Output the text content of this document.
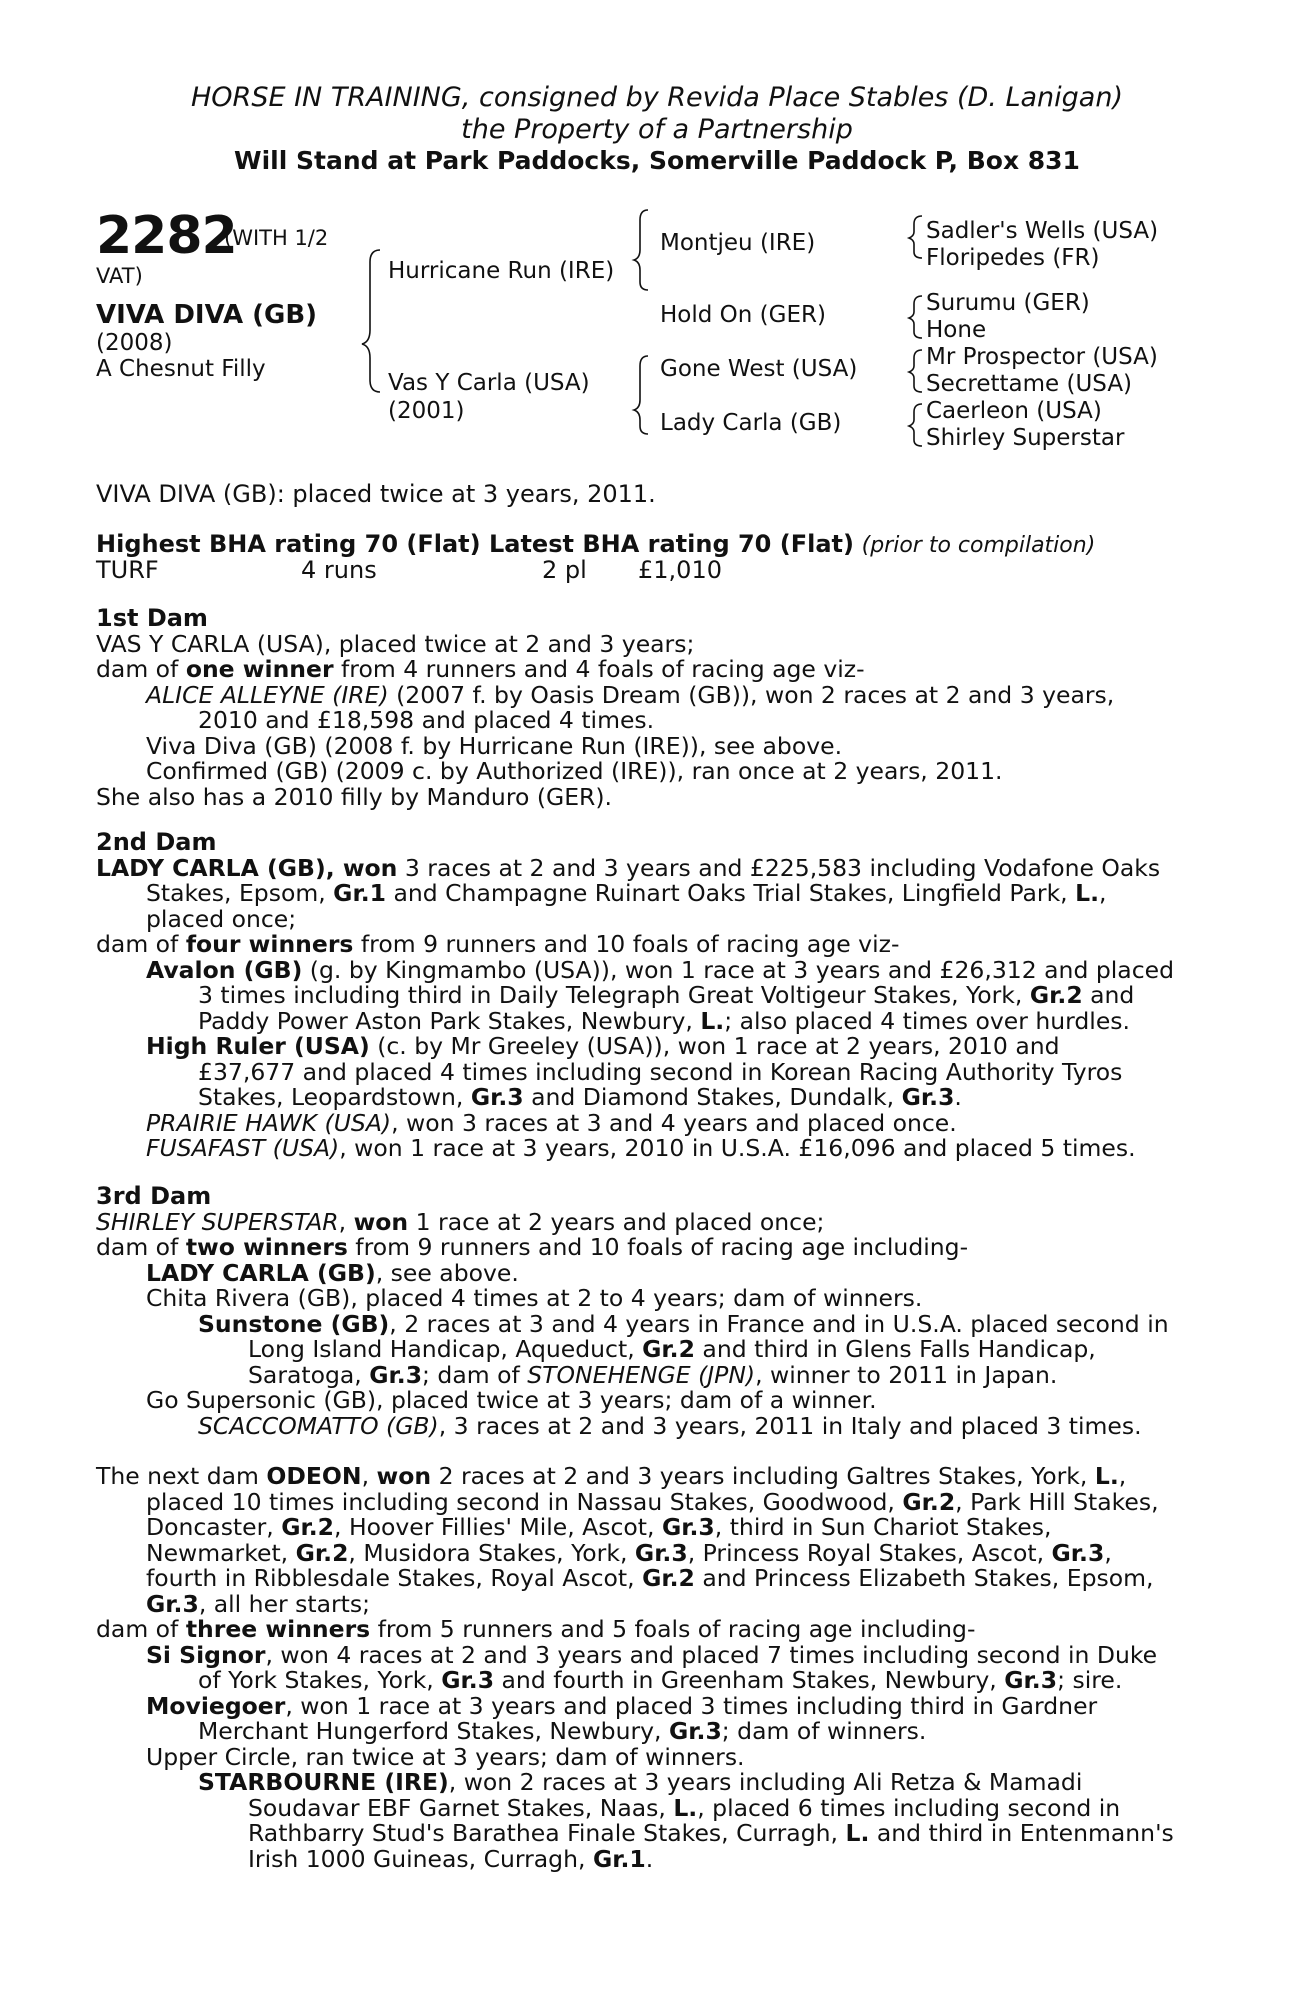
HORSE IN TRAINING, consigned by Revida Place Stables (D. Lanigan)
the Property of a Partnership
Will Stand at Park Paddocks, Somerville Paddock P, Box 831
2282
(WITH 1/2
VAT)
VIVA DIVA (GB)
(2008)
A Chesnut Filly
Hurricane Run (IRE)
Vas Y Carla (USA)
(2001)
Montjeu (IRE)
Hold On (GER)
Gone West (USA)
Lady Carla (GB)
Sadler's Wells (USA)
Floripedes (FR)
Surumu (GER)
Hone
Mr Prospector (USA)
Secrettame (USA)
Caerleon (USA)
Shirley Superstar
VIVA DIVA (GB): placed twice at 3 years, 2011.
Highest BHA rating 70 (Flat) Latest BHA rating 70 (Flat) (prior to compilation)
TURF	4 runs	2 pl £1,010
1st Dam
VAS Y CARLA (USA), placed twice at 2 and 3 years;
dam of one winner from 4 runners and 4 foals of racing age viz-
ALICE ALLEYNE (IRE) (2007 f. by Oasis Dream (GB)), won 2 races at 2 and 3 years,
2010 and £18,598 and placed 4 times.
Viva Diva (GB) (2008 f. by Hurricane Run (IRE)), see above.
Confirmed (GB) (2009 c. by Authorized (IRE)), ran once at 2 years, 2011.
She also has a 2010 filly by Manduro (GER).
2nd Dam
LADY CARLA (GB), won 3 races at 2 and 3 years and £225,583 including Vodafone Oaks
Stakes, Epsom, Gr.1 and Champagne Ruinart Oaks Trial Stakes, Lingfield Park, L.,
placed once;
dam of four winners from 9 runners and 10 foals of racing age viz-
Avalon (GB) (g. by Kingmambo (USA)), won 1 race at 3 years and £26,312 and placed
3 times including third in Daily Telegraph Great Voltigeur Stakes, York, Gr.2 and
Paddy Power Aston Park Stakes, Newbury, L.; also placed 4 times over hurdles.
High Ruler (USA) (c. by Mr Greeley (USA)), won 1 race at 2 years, 2010 and
£37,677 and placed 4 times including second in Korean Racing Authority Tyros
Stakes, Leopardstown, Gr.3 and Diamond Stakes, Dundalk, Gr.3.
PRAIRIE HAWK (USA), won 3 races at 3 and 4 years and placed once.
FUSAFAST (USA), won 1 race at 3 years, 2010 in U.S.A. £16,096 and placed 5 times.
3rd Dam
SHIRLEY SUPERSTAR, won 1 race at 2 years and placed once;
dam of two winners from 9 runners and 10 foals of racing age including-
LADY CARLA (GB), see above.
Chita Rivera (GB), placed 4 times at 2 to 4 years; dam of winners.
Sunstone (GB), 2 races at 3 and 4 years in France and in U.S.A. placed second in
Long Island Handicap, Aqueduct, Gr.2 and third in Glens Falls Handicap,
Saratoga, Gr.3; dam of STONEHENGE (JPN), winner to 2011 in Japan.
Go Supersonic (GB), placed twice at 3 years; dam of a winner.
SCACCOMATTO (GB), 3 races at 2 and 3 years, 2011 in Italy and placed 3 times.
The next dam ODEON, won 2 races at 2 and 3 years including Galtres Stakes, York, L.,
placed 10 times including second in Nassau Stakes, Goodwood, Gr.2, Park Hill Stakes,
Doncaster, Gr.2, Hoover Fillies' Mile, Ascot, Gr.3, third in Sun Chariot Stakes,
Newmarket, Gr.2, Musidora Stakes, York, Gr.3, Princess Royal Stakes, Ascot, Gr.3,
fourth in Ribblesdale Stakes, Royal Ascot, Gr.2 and Princess Elizabeth Stakes, Epsom,
Gr.3, all her starts;
dam of three winners from 5 runners and 5 foals of racing age including-
Si Signor, won 4 races at 2 and 3 years and placed 7 times including second in Duke
of York Stakes, York, Gr.3 and fourth in Greenham Stakes, Newbury, Gr.3; sire.
Moviegoer, won 1 race at 3 years and placed 3 times including third in Gardner
Merchant Hungerford Stakes, Newbury, Gr.3; dam of winners.
Upper Circle, ran twice at 3 years; dam of winners.
STARBOURNE (IRE), won 2 races at 3 years including Ali Retza & Mamadi
Soudavar EBF Garnet Stakes, Naas, L., placed 6 times including second in
Rathbarry Stud's Barathea Finale Stakes, Curragh, L. and third in Entenmann's
Irish 1000 Guineas, Curragh, Gr.1.
